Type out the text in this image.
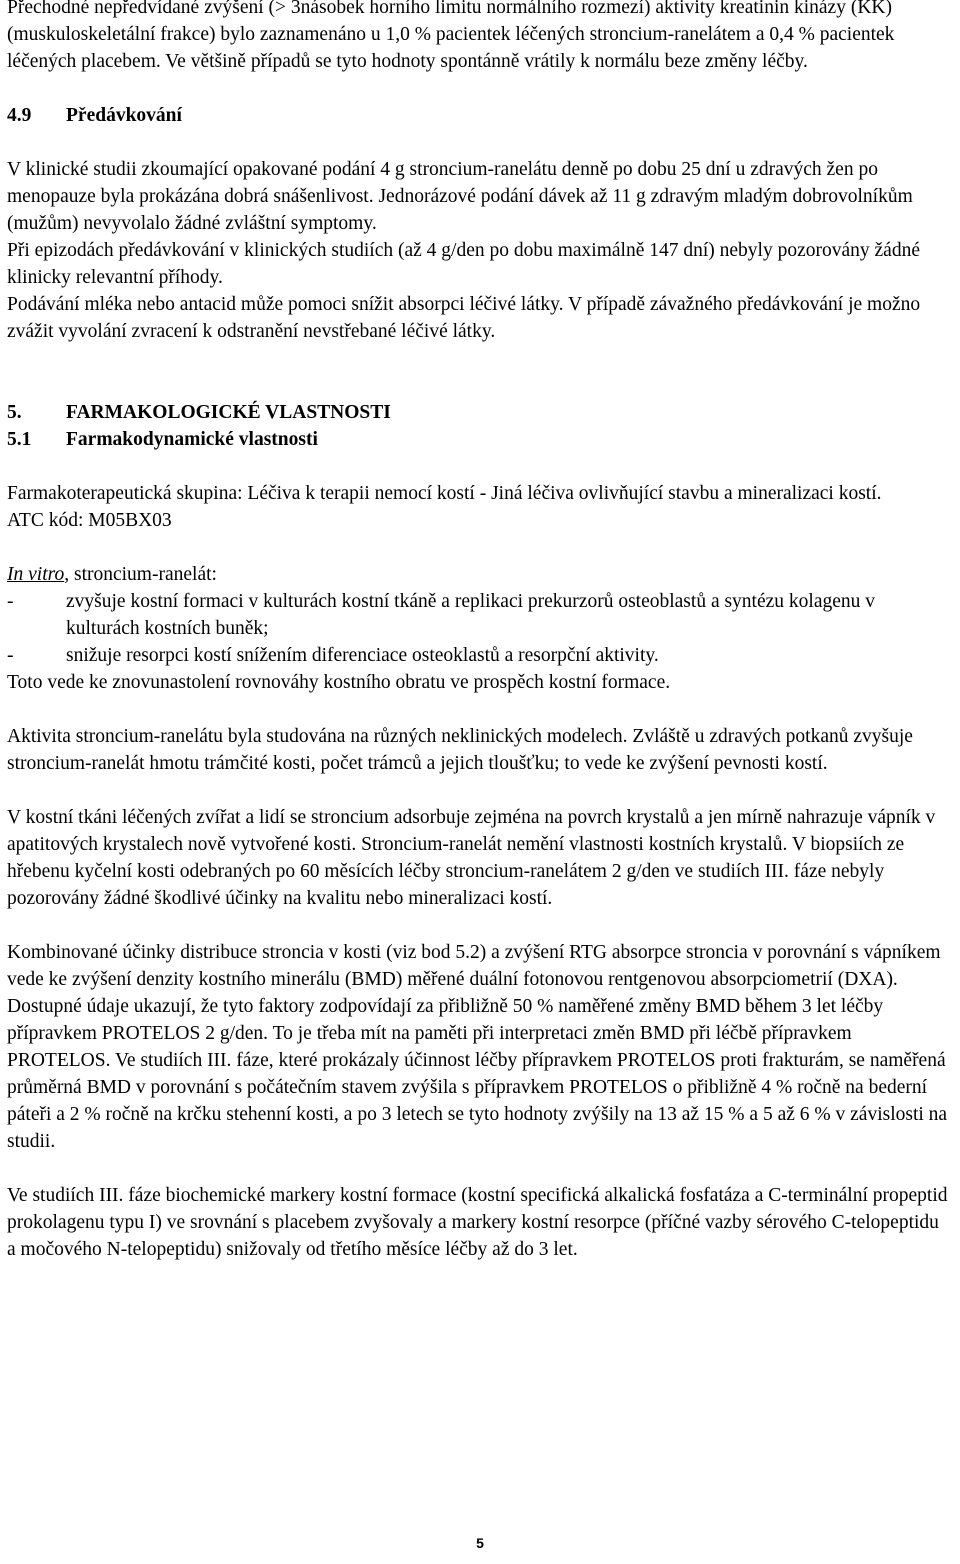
Přechodné nepředvídané zvýšení (> 3násobek horního limitu normálního rozmezí) aktivity kreatinin kinázy (KK) (muskuloskeletální frakce) bylo zaznamenáno u 1,0 % pacientek léčených stroncium-ranelátem a 0,4 % pacientek léčených placebem. Ve většině případů se tyto hodnoty spontánně vrátily k normálu beze změny léčby.

4.9	Předávkování

V klinické studii zkoumající opakované podání 4 g stroncium-ranelátu denně po dobu 25 dní u zdravých žen po menopauze byla prokázána dobrá snášenlivost. Jednorázové podání dávek až 11 g zdravým mladým dobrovolníkům (mužům) nevyvolalo žádné zvláštní symptomy.

Při epizodách předávkování v klinických studiích (až 4 g/den po dobu maximálně 147 dní) nebyly pozorovány žádné klinicky relevantní příhody.

Podávání mléka nebo antacid může pomoci snížit absorpci léčivé látky. V případě závažného předávkování je možno zvážit vyvolání zvracení k odstranění nevstřebané léčivé látky.

5.	FARMAKOLOGICKÉ VLASTNOSTI
5.1	Farmakodynamické vlastnosti

Farmakoterapeutická skupina: Léčiva k terapii nemocí kostí - Jiná léčiva ovlivňující stavbu a mineralizaci kostí.

ATC kód: M05BX03

In vitro, stroncium-ranelát:

-	zvyšuje kostní formaci v kulturách kostní tkáně a replikaci prekurzorů osteoblastů a syntézu kolagenu v kulturách kostních buněk;
-	snižuje resorpci kostí snížením diferenciace osteoklastů a resorpční aktivity.

Toto vede ke znovunastolení rovnováhy kostního obratu ve prospěch kostní formace.

Aktivita stroncium-ranelátu byla studována na různých neklinických modelech. Zvláště u zdravých potkanů zvyšuje stroncium-ranelát hmotu trámčité kosti, počet trámců a jejich tloušťku; to vede ke zvýšení pevnosti kostí.

V kostní tkáni léčených zvířat a lidí se stroncium adsorbuje zejména na povrch krystalů a jen mírně nahrazuje vápník v apatitových krystalech nově vytvořené kosti. Stroncium-ranelát nemění vlastnosti kostních krystalů. V biopsiích ze hřebenu kyčelní kosti odebraných po 60 měsících léčby stroncium-ranelátem 2 g/den ve studiích III. fáze nebyly pozorovány žádné škodlivé účinky na kvalitu nebo mineralizaci kostí.

Kombinované účinky distribuce stroncia v kosti (viz bod 5.2) a zvýšení RTG absorpce stroncia v porovnání s vápníkem vede ke zvýšení denzity kostního minerálu (BMD) měřené duální fotonovou rentgenovou absorpciometrií (DXA). Dostupné údaje ukazují, že tyto faktory zodpovídají za přibližně 50 % naměřené změny BMD během 3 let léčby přípravkem PROTELOS 2 g/den. To je třeba mít na paměti při interpretaci změn BMD při léčbě přípravkem PROTELOS. Ve studiích III. fáze, které prokázaly účinnost léčby přípravkem PROTELOS proti frakturám, se naměřená průměrná BMD v porovnání s počátečním stavem zvýšila s přípravkem PROTELOS o přibližně 4 % ročně na bederní páteři a 2 % ročně na krčku stehenní kosti, a po 3 letech se tyto hodnoty zvýšily na 13 až 15 % a 5 až 6 % v závislosti na studii.

Ve studiích III. fáze biochemické markery kostní formace (kostní specifická alkalická fosfatáza a C-terminální propeptid prokolagenu typu I) ve srovnání s placebem zvyšovaly a markery kostní resorpce (příčné vazby sérového C-telopeptidu a močového N-telopeptidu) snižovaly od třetího měsíce léčby až do 3 let.

5
